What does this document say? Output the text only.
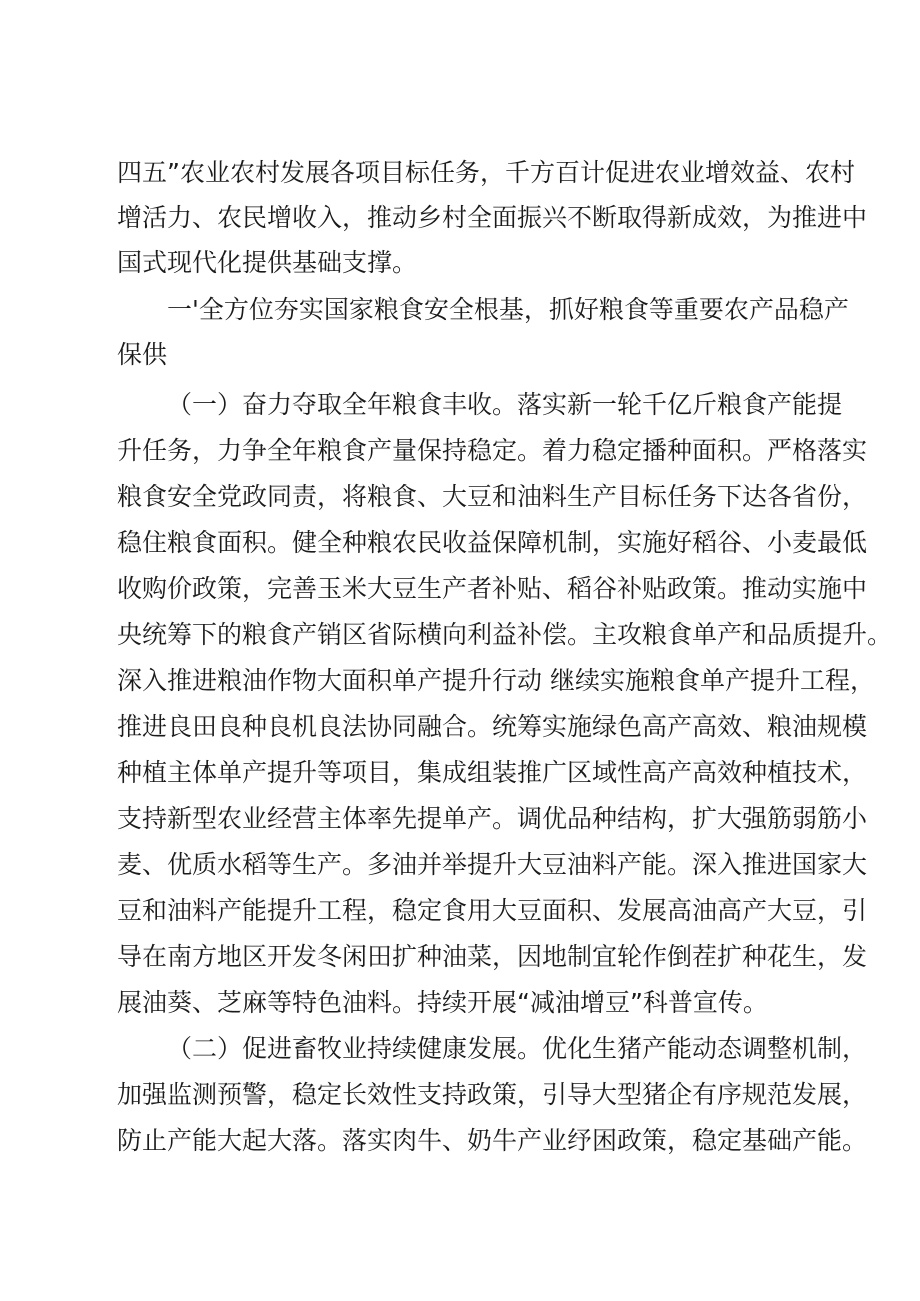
四五”农业农村发展各项目标任务，千方百计促进农业增效益、农村
增活力、农民增收入，推动乡村全面振兴不断取得新成效，为推进中
国式现代化提供基础支撑。
一'全方位夯实国家粮食安全根基，抓好粮食等重要农产品稳产
保供
（一）奋力夺取全年粮食丰收。落实新一轮千亿斤粮食产能提
升任务，力争全年粮食产量保持稳定。着力稳定播种面积。严格落实
粮食安全党政同责，将粮食、大豆和油料生产目标任务下达各省份，
稳住粮食面积。健全种粮农民收益保障机制，实施好稻谷、小麦最低
收购价政策，完善玉米大豆生产者补贴、稻谷补贴政策。推动实施中
央统筹下的粮食产销区省际横向利益补偿。主攻粮食单产和品质提升。
深入推进粮油作物大面积单产提升行动 继续实施粮食单产提升工程，
推进良田良种良机良法协同融合。统筹实施绿色高产高效、粮油规模
种植主体单产提升等项目，集成组装推广区域性高产高效种植技术，
支持新型农业经营主体率先提单产。调优品种结构，扩大强筋弱筋小
麦、优质水稻等生产。多油并举提升大豆油料产能。深入推进国家大
豆和油料产能提升工程，稳定食用大豆面积、发展高油高产大豆，引
导在南方地区开发冬闲田扩种油菜，因地制宜轮作倒茬扩种花生，发
展油葵、芝麻等特色油料。持续开展“减油增豆”科普宣传。
（二）促进畜牧业持续健康发展。优化生猪产能动态调整机制，
加强监测预警，稳定长效性支持政策，引导大型猪企有序规范发展，
防止产能大起大落。落实肉牛、奶牛产业纾困政策，稳定基础产能。
